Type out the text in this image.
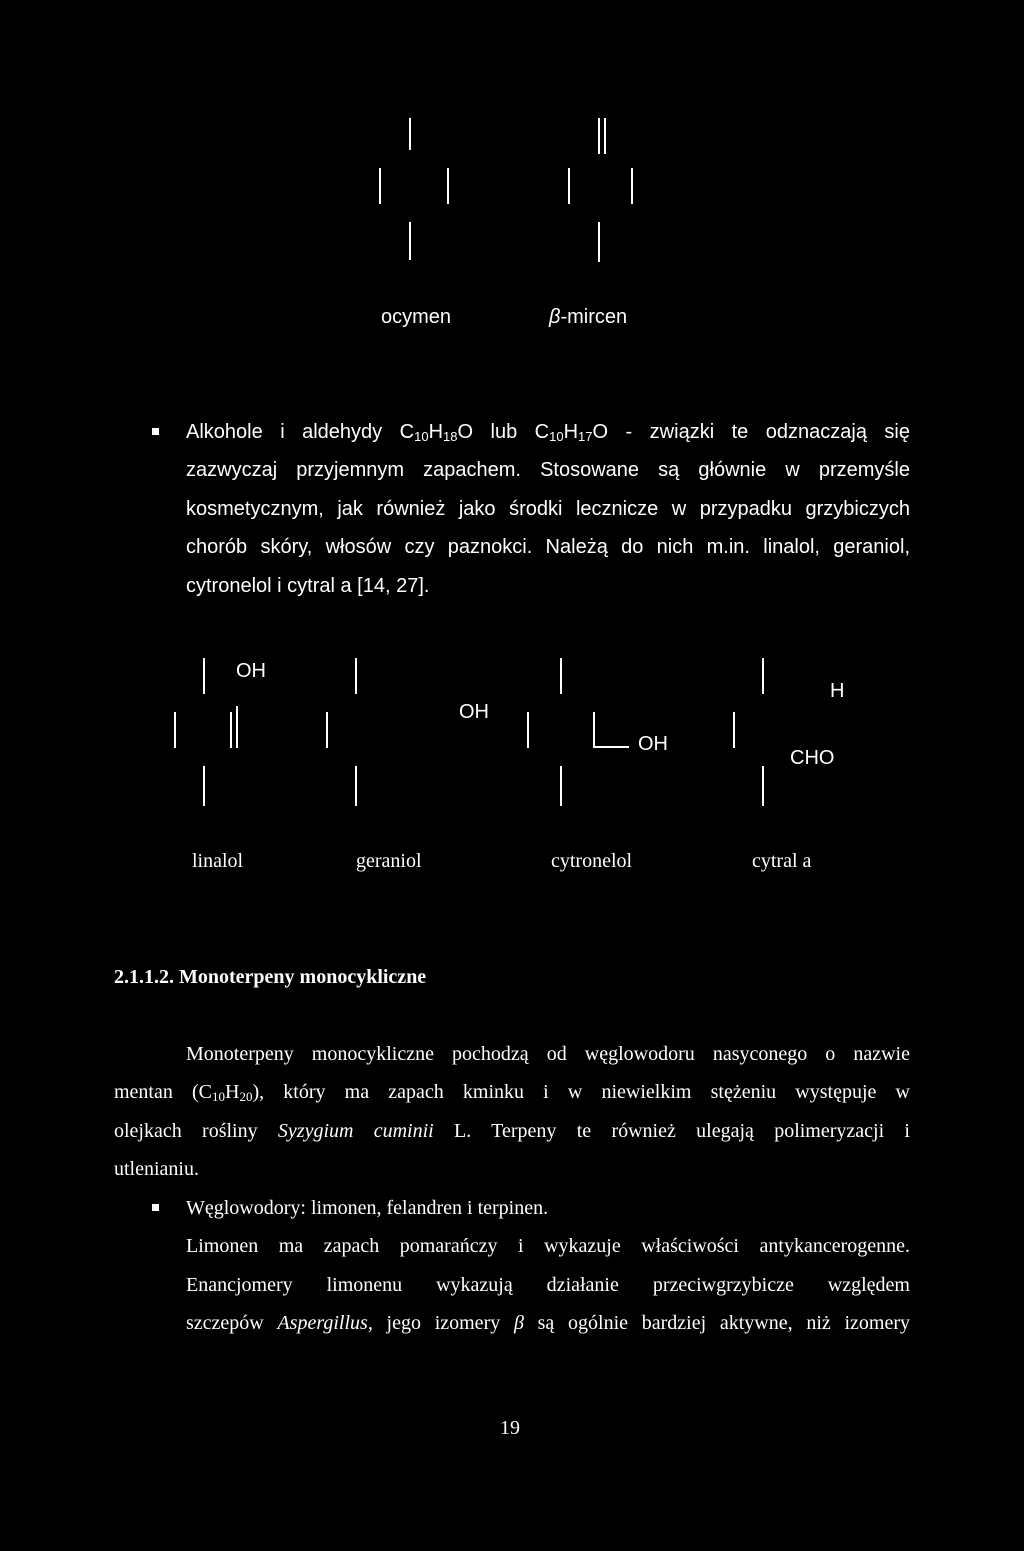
ocymen	β-mircen
Alkohole i aldehydy $C_{10}H_{18}O$ lub $C_{10}H_{17}O$ - związki te odznaczają się
zazwyczaj przyjemnym zapachem. Stosowane są głównie w przemyśle
kosmetycznym, jak również jako środki lecznicze w przypadku grzybiczych
chorób skóry, włosów czy paznokci. Należą do nich m.in. linalol, geraniol,
cytronelol i cytral a [14, 27].
OH
OH
OH
H
CHO
linalol	geraniol	cytronelol	cytral a
2.1.1.2. Monoterpeny monocykliczne
Monoterpeny monocykliczne pochodzą od węglowodoru nasyconego o nazwie
mentan $(C_{10}H_{20})$, który ma zapach kminku i w niewielkim stężeniu występuje w
olejkach rośliny Syzygium cuminii L. Terpeny te również ulegają polimeryzacji i
utlenianiu.
Węglowodory: limonen, felandren i terpinen.
Limonen ma zapach pomarańczy i wykazuje właściwości antykancerogenne.
Enancjomery limonenu wykazują działanie przeciwgrzybicze względem
szczepów Aspergillus, jego izomery β są ogólnie bardziej aktywne, niż izomery
19
